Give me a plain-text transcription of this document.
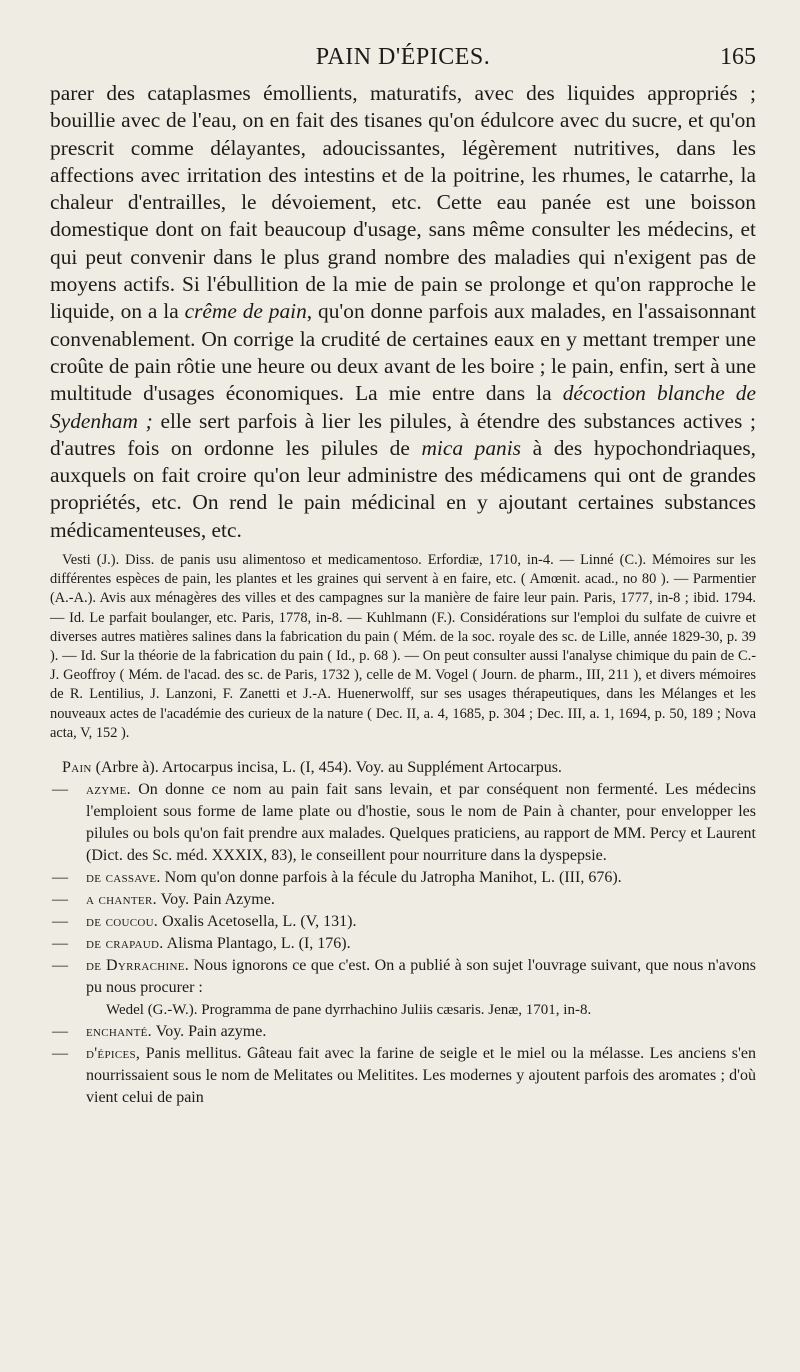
PAIN D'ÉPICES.	165

parer des cataplasmes émollients, maturatifs, avec des liquides appropriés ; bouillie avec de l'eau, on en fait des tisanes qu'on édulcore avec du sucre, et qu'on prescrit comme délayantes, adoucissantes, légèrement nutritives, dans les affections avec irritation des intestins et de la poitrine, les rhumes, le catarrhe, la chaleur d'entrailles, le dévoiement, etc. Cette eau panée est une boisson domestique dont on fait beaucoup d'usage, sans même consulter les médecins, et qui peut convenir dans le plus grand nombre des maladies qui n'exigent pas de moyens actifs. Si l'ébullition de la mie de pain se prolonge et qu'on rapproche le liquide, on a la crême de pain, qu'on donne parfois aux malades, en l'assaisonnant convenablement. On corrige la crudité de certaines eaux en y mettant tremper une croûte de pain rôtie une heure ou deux avant de les boire ; le pain, enfin, sert à une multitude d'usages économiques. La mie entre dans la décoction blanche de Sydenham ; elle sert parfois à lier les pilules, à étendre des substances actives ; d'autres fois on ordonne les pilules de mica panis à des hypochondriaques, auxquels on fait croire qu'on leur administre des médicamens qui ont de grandes propriétés, etc. On rend le pain médicinal en y ajoutant certaines substances médicamenteuses, etc.

Vesti (J.). Diss. de panis usu alimentoso et medicamentoso. Erfordiæ, 1710, in-4. — Linné (C.). Mémoires sur les différentes espèces de pain, les plantes et les graines qui servent à en faire, etc. ( Amœnit. acad., no 80 ). — Parmentier (A.-A.). Avis aux ménagères des villes et des campagnes sur la manière de faire leur pain. Paris, 1777, in-8 ; ibid. 1794. — Id. Le parfait boulanger, etc. Paris, 1778, in-8. — Kuhlmann (F.). Considérations sur l'emploi du sulfate de cuivre et diverses autres matières salines dans la fabrication du pain ( Mém. de la soc. royale des sc. de Lille, année 1829-30, p. 39 ). — Id. Sur la théorie de la fabrication du pain ( Id., p. 68 ). — On peut consulter aussi l'analyse chimique du pain de C.-J. Geoffroy ( Mém. de l'acad. des sc. de Paris, 1732 ), celle de M. Vogel ( Journ. de pharm., III, 211 ), et divers mémoires de R. Lentilius, J. Lanzoni, F. Zanetti et J.-A. Huenerwolff, sur ses usages thérapeutiques, dans les Mélanges et les nouveaux actes de l'académie des curieux de la nature ( Dec. II, a. 4, 1685, p. 304 ; Dec. III, a. 1, 1694, p. 50, 189 ; Nova acta, V, 152 ).

Pain (Arbre à). Artocarpus incisa, L. (I, 454). Voy. au Supplément Artocarpus.

— azyme. On donne ce nom au pain fait sans levain, et par conséquent non fermenté. Les médecins l'emploient sous forme de lame plate ou d'hostie, sous le nom de Pain à chanter, pour envelopper les pilules ou bols qu'on fait prendre aux malades. Quelques praticiens, au rapport de MM. Percy et Laurent (Dict. des Sc. méd. XXXIX, 83), le conseillent pour nourriture dans la dyspepsie.

— de cassave. Nom qu'on donne parfois à la fécule du Jatropha Manihot, L. (III, 676).

— a chanter. Voy. Pain Azyme.

— de coucou. Oxalis Acetosella, L. (V, 131).

— de crapaud. Alisma Plantago, L. (I, 176).

— de Dyrrachine. Nous ignorons ce que c'est. On a publié à son sujet l'ouvrage suivant, que nous n'avons pu nous procurer :

Wedel (G.-W.). Programma de pane dyrrhachino Juliis cæsaris. Jenæ, 1701, in-8.

— enchanté. Voy. Pain azyme.

— d'épices, Panis mellitus. Gâteau fait avec la farine de seigle et le miel ou la mélasse. Les anciens s'en nourrissaient sous le nom de Melitates ou Melitites. Les modernes y ajoutent parfois des aromates ; d'où vient celui de pain
